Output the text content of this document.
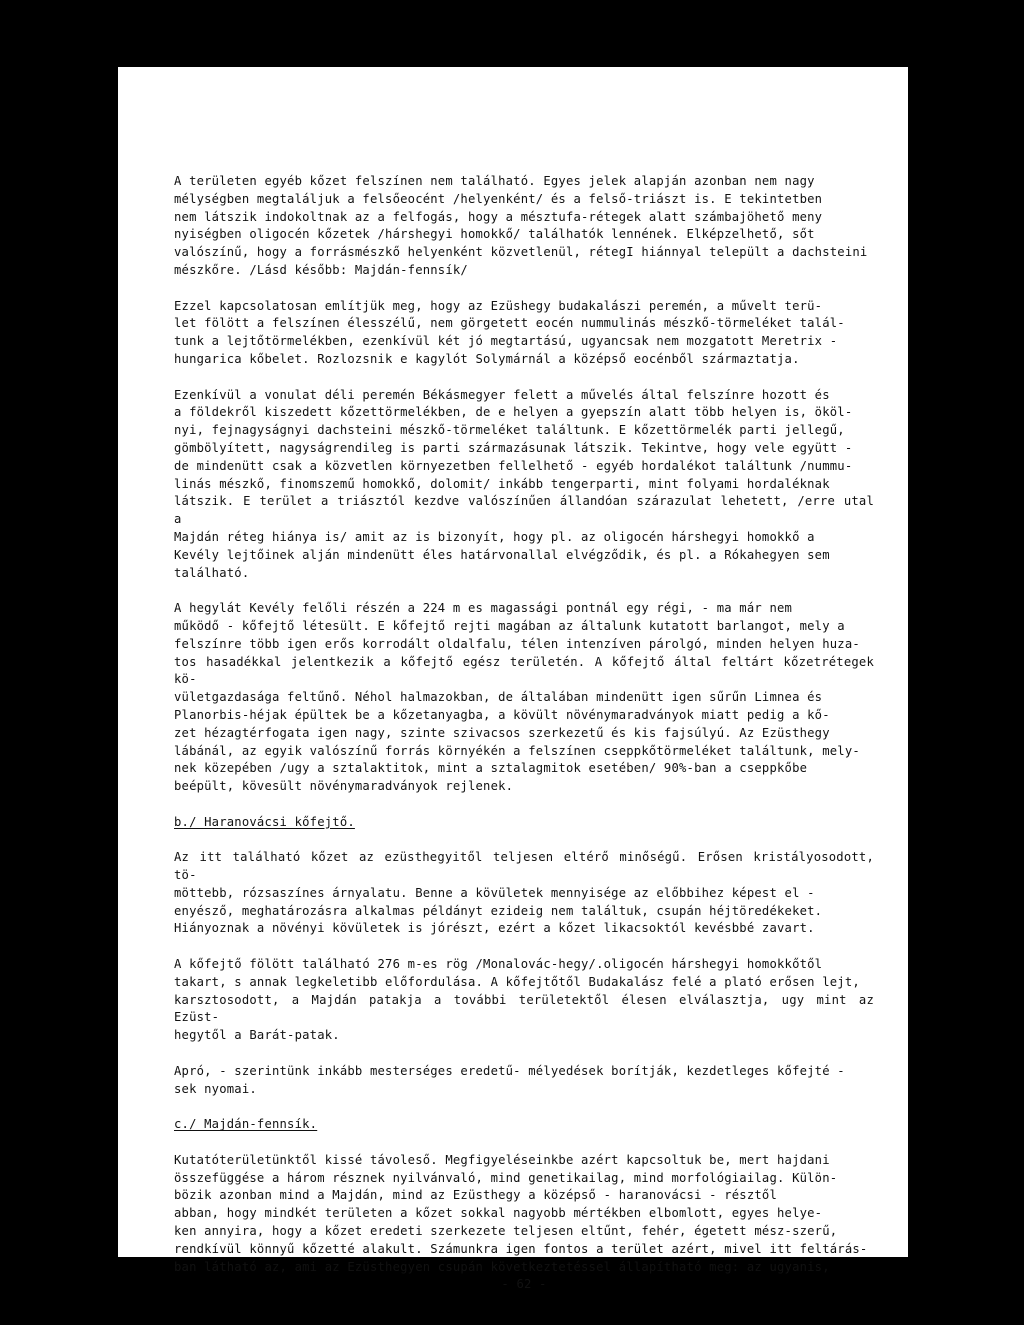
A területen egyéb kőzet felszínen nem található. Egyes jelek alapján azonban nem nagy
mélységben megtaláljuk a felsőeocént /helyenként/ és a felső-triászt is. E tekintetben
nem látszik indokoltnak az a felfogás, hogy a mésztufa-rétegek alatt számbajöhető meny
nyiségben oligocén kőzetek /hárshegyi homokkő/ találhatók lennének. Elképzelhető, sőt
valószínű, hogy a forrásmészkő helyenként közvetlenül, rétegI hiánnyal települt a dachsteini
mészkőre. /Lásd később: Majdán-fennsík/

Ezzel kapcsolatosan említjük meg, hogy az Ezüshegy budakalászi peremén, a művelt terü-
let fölött a felszínen élesszélű, nem görgetett eocén nummulinás mészkő-törmeléket talál-
tunk a lejtőtörmelékben, ezenkívül két jó megtartású, ugyancsak nem mozgatott Meretrix -
hungarica kőbelet. Rozlozsnik e kagylót Solymárnál a középső eocénből származtatja.

Ezenkívül a vonulat déli peremén Békásmegyer felett a művelés által felszínre hozott és
a földekről kiszedett kőzettörmelékben, de e helyen a gyepszín alatt több helyen is, ököl-
nyi, fejnagyságnyi dachsteini mészkő-törmeléket találtunk. E kőzettörmelék parti jellegű,
gömbölyített, nagyságrendileg is parti származásunak látszik. Tekintve, hogy vele együtt -
de mindenütt csak a közvetlen környezetben fellelhető - egyéb hordalékot találtunk /nummu-
linás mészkő, finomszemű homokkő, dolomit/ inkább tengerparti, mint folyami hordaléknak
látszik. E terület a triásztól kezdve valószínűen állandóan szárazulat lehetett, /erre utal a
Majdán réteg hiánya is/ amit az is bizonyít, hogy pl. az oligocén hárshegyi homokkő a
Kevély lejtőinek alján mindenütt éles határvonallal elvégződik, és pl. a Rókahegyen sem
található.

A hegylát Kevély felőli részén a 224 m es magassági pontnál egy régi, - ma már nem
működő - kőfejtő létesült. E kőfejtő rejti magában az általunk kutatott barlangot, mely a
felszínre több igen erős korrodált oldalfalu, télen intenzíven párolgó, minden helyen huza-
tos hasadékkal jelentkezik a kőfejtő egész területén. A kőfejtő által feltárt kőzetrétegek kö-
vületgazdasága feltűnő. Néhol halmazokban, de általában mindenütt igen sűrűn Limnea és
Planorbis-héjak épültek be a kőzetanyagba, a kövült növénymaradványok miatt pedig a kő-
zet hézagtérfogata igen nagy, szinte szivacsos szerkezetű és kis fajsúlyú. Az Ezüsthegy
lábánál, az egyik valószínű forrás környékén a felszínen cseppkőtörmeléket találtunk, mely-
nek közepében /ugy a sztalaktitok, mint a sztalagmitok esetében/ 90%-ban a cseppkőbe
beépült, kövesült növénymaradványok rejlenek.

b./ Haranovácsi kőfejtő.

Az itt található kőzet az ezüsthegyitől teljesen eltérő minőségű. Erősen kristályosodott, tö-
möttebb, rózsaszínes árnyalatu. Benne a kövületek mennyisége az előbbihez képest el -
enyésző, meghatározásra alkalmas példányt ezideig nem találtuk, csupán héjtöredékeket.
Hiányoznak a növényi kövületek is jórészt, ezért a kőzet likacsoktól kevésbbé zavart.

A kőfejtő fölött található 276 m-es rög /Monalovác-hegy/.oligocén hárshegyi homokkőtől
takart, s annak legkeletibb előfordulása. A kőfejtőtől Budakalász felé a plató erősen lejt,
karsztosodott, a Majdán patakja a további területektől élesen elválasztja, ugy mint az Ezüst-
hegytől a Barát-patak.

Apró, - szerintünk inkább mesterséges eredetű- mélyedések borítják, kezdetleges kőfejté -
sek nyomai.

c./ Majdán-fennsík.

Kutatóterületünktől kissé távoleső. Megfigyeléseinkbe azért kapcsoltuk be, mert hajdani
összefüggése a három résznek nyilvánvaló, mind genetikailag, mind morfológiailag. Külön-
bözik azonban mind a Majdán, mind az Ezüsthegy a középső - haranovácsi - résztől
abban, hogy mindkét területen a kőzet sokkal nagyobb mértékben elbomlott, egyes helye-
ken annyira, hogy a kőzet eredeti szerkezete teljesen eltűnt, fehér, égetett mész-szerű,
rendkívül könnyű kőzetté alakult. Számunkra igen fontos a terület azért, mivel itt feltárás-
ban látható az, ami az Ezüsthegyen csupán következtetéssel állapítható meg: az ugyanis,

- 62 -
